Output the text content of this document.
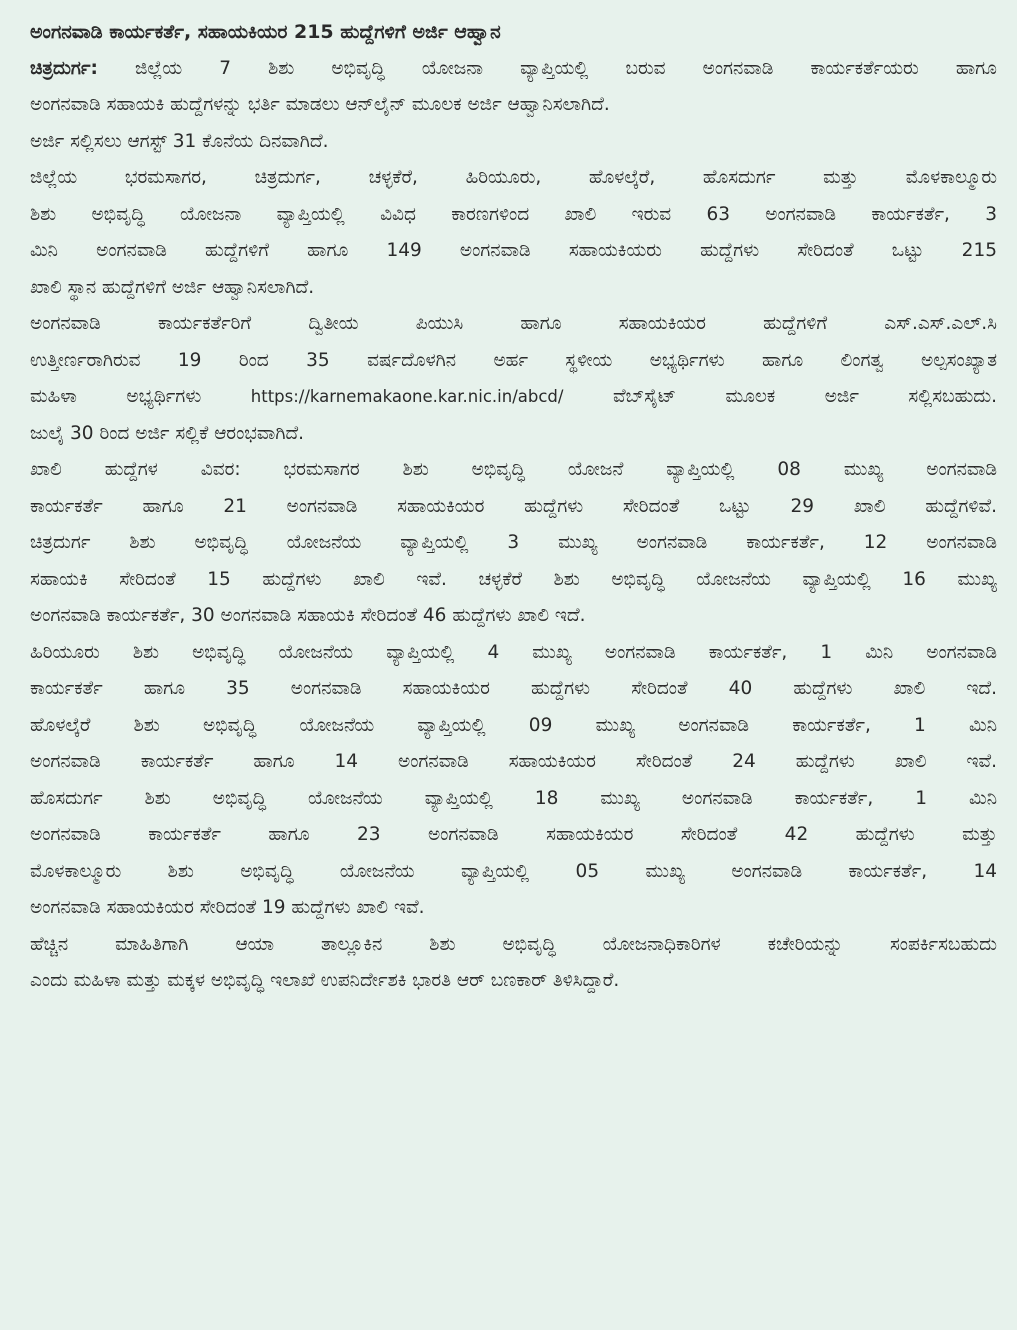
ಅಂಗನವಾಡಿ ಕಾರ್ಯಕರ್ತೆ, ಸಹಾಯಕಿಯರ 215 ಹುದ್ದೆಗಳಿಗೆ ಅರ್ಜಿ ಆಹ್ವಾನ
ಚಿತ್ರದುರ್ಗ: ಜಿಲ್ಲೆಯ 7 ಶಿಶು ಅಭಿವೃದ್ಧಿ ಯೋಜನಾ ವ್ಯಾಪ್ತಿಯಲ್ಲಿ ಬರುವ ಅಂಗನವಾಡಿ ಕಾರ್ಯಕರ್ತೆಯರು ಹಾಗೂ
ಅಂಗನವಾಡಿ ಸಹಾಯಕಿ ಹುದ್ದೆಗಳನ್ನು ಭರ್ತಿ ಮಾಡಲು ಆನ್‌ಲೈನ್ ಮೂಲಕ ಅರ್ಜಿ ಆಹ್ವಾನಿಸಲಾಗಿದೆ.
ಅರ್ಜಿ ಸಲ್ಲಿಸಲು ಆಗಸ್ಟ್ 31 ಕೊನೆಯ ದಿನವಾಗಿದೆ.
ಜಿಲ್ಲೆಯ ಭರಮಸಾಗರ, ಚಿತ್ರದುರ್ಗ, ಚಳ್ಳಕೆರೆ, ಹಿರಿಯೂರು, ಹೊಳಲ್ಕೆರೆ, ಹೊಸದುರ್ಗ ಮತ್ತು ಮೊಳಕಾಲ್ಮೂರು
ಶಿಶು ಅಭಿವೃದ್ಧಿ ಯೋಜನಾ ವ್ಯಾಪ್ತಿಯಲ್ಲಿ ವಿವಿಧ ಕಾರಣಗಳಿಂದ ಖಾಲಿ ಇರುವ 63 ಅಂಗನವಾಡಿ ಕಾರ್ಯಕರ್ತೆ, 3
ಮಿನಿ ಅಂಗನವಾಡಿ ಹುದ್ದೆಗಳಿಗೆ ಹಾಗೂ 149 ಅಂಗನವಾಡಿ ಸಹಾಯಕಿಯರು ಹುದ್ದೆಗಳು ಸೇರಿದಂತೆ ಒಟ್ಟು 215
ಖಾಲಿ ಸ್ಥಾನ ಹುದ್ದೆಗಳಿಗೆ ಅರ್ಜಿ ಆಹ್ವಾನಿಸಲಾಗಿದೆ.
ಅಂಗನವಾಡಿ ಕಾರ್ಯಕರ್ತೆರಿಗೆ ದ್ವಿತೀಯ ಪಿಯುಸಿ ಹಾಗೂ ಸಹಾಯಕಿಯರ ಹುದ್ದೆಗಳಿಗೆ ಎಸ್.ಎಸ್.ಎಲ್.ಸಿ
ಉತ್ತೀರ್ಣರಾಗಿರುವ 19 ರಿಂದ 35 ವರ್ಷದೊಳಗಿನ ಅರ್ಹ ಸ್ಥಳೀಯ ಅಭ್ಯರ್ಥಿಗಳು ಹಾಗೂ ಲಿಂಗತ್ವ ಅಲ್ಪಸಂಖ್ಯಾತ
ಮಹಿಳಾ ಅಭ್ಯರ್ಥಿಗಳು https://karnemakaone.kar.nic.in/abcd/ ವೆಬ್‌ಸೈಟ್ ಮೂಲಕ ಅರ್ಜಿ ಸಲ್ಲಿಸಬಹುದು.
ಜುಲೈ 30 ರಿಂದ ಅರ್ಜಿ ಸಲ್ಲಿಕೆ ಆರಂಭವಾಗಿದೆ.
ಖಾಲಿ ಹುದ್ದೆಗಳ ವಿವರ: ಭರಮಸಾಗರ ಶಿಶು ಅಭಿವೃದ್ಧಿ ಯೋಜನೆ ವ್ಯಾಪ್ತಿಯಲ್ಲಿ 08 ಮುಖ್ಯ ಅಂಗನವಾಡಿ
ಕಾರ್ಯಕರ್ತೆ ಹಾಗೂ 21 ಅಂಗನವಾಡಿ ಸಹಾಯಕಿಯರ ಹುದ್ದೆಗಳು ಸೇರಿದಂತೆ ಒಟ್ಟು 29 ಖಾಲಿ ಹುದ್ದೆಗಳಿವೆ.
ಚಿತ್ರದುರ್ಗ ಶಿಶು ಅಭಿವೃದ್ಧಿ ಯೋಜನೆಯ ವ್ಯಾಪ್ತಿಯಲ್ಲಿ 3 ಮುಖ್ಯ ಅಂಗನವಾಡಿ ಕಾರ್ಯಕರ್ತೆ, 12 ಅಂಗನವಾಡಿ
ಸಹಾಯಕಿ ಸೇರಿದಂತೆ 15 ಹುದ್ದೆಗಳು ಖಾಲಿ ಇವೆ. ಚಳ್ಳಕೆರೆ ಶಿಶು ಅಭಿವೃದ್ಧಿ ಯೋಜನೆಯ ವ್ಯಾಪ್ತಿಯಲ್ಲಿ 16 ಮುಖ್ಯ
ಅಂಗನವಾಡಿ ಕಾರ್ಯಕರ್ತೆ, 30 ಅಂಗನವಾಡಿ ಸಹಾಯಕಿ ಸೇರಿದಂತೆ 46 ಹುದ್ದೆಗಳು ಖಾಲಿ ಇದೆ.
ಹಿರಿಯೂರು ಶಿಶು ಅಭಿವೃದ್ಧಿ ಯೋಜನೆಯ ವ್ಯಾಪ್ತಿಯಲ್ಲಿ 4 ಮುಖ್ಯ ಅಂಗನವಾಡಿ ಕಾರ್ಯಕರ್ತೆ, 1 ಮಿನಿ ಅಂಗನವಾಡಿ
ಕಾರ್ಯಕರ್ತೆ ಹಾಗೂ 35 ಅಂಗನವಾಡಿ ಸಹಾಯಕಿಯರ ಹುದ್ದೆಗಳು ಸೇರಿದಂತೆ 40 ಹುದ್ದೆಗಳು ಖಾಲಿ ಇದೆ.
ಹೊಳಲ್ಕೆರೆ ಶಿಶು ಅಭಿವೃದ್ಧಿ ಯೋಜನೆಯ ವ್ಯಾಪ್ತಿಯಲ್ಲಿ 09 ಮುಖ್ಯ ಅಂಗನವಾಡಿ ಕಾರ್ಯಕರ್ತೆ, 1 ಮಿನಿ
ಅಂಗನವಾಡಿ ಕಾರ್ಯಕರ್ತೆ ಹಾಗೂ 14 ಅಂಗನವಾಡಿ ಸಹಾಯಕಿಯರ ಸೇರಿದಂತೆ 24 ಹುದ್ದೆಗಳು ಖಾಲಿ ಇವೆ.
ಹೊಸದುರ್ಗ ಶಿಶು ಅಭಿವೃದ್ಧಿ ಯೋಜನೆಯ ವ್ಯಾಪ್ತಿಯಲ್ಲಿ 18 ಮುಖ್ಯ ಅಂಗನವಾಡಿ ಕಾರ್ಯಕರ್ತೆ, 1 ಮಿನಿ
ಅಂಗನವಾಡಿ ಕಾರ್ಯಕರ್ತೆ ಹಾಗೂ 23 ಅಂಗನವಾಡಿ ಸಹಾಯಕಿಯರ ಸೇರಿದಂತೆ 42 ಹುದ್ದೆಗಳು ಮತ್ತು
ಮೊಳಕಾಲ್ಮೂರು ಶಿಶು ಅಭಿವೃದ್ಧಿ ಯೋಜನೆಯ ವ್ಯಾಪ್ತಿಯಲ್ಲಿ 05 ಮುಖ್ಯ ಅಂಗನವಾಡಿ ಕಾರ್ಯಕರ್ತೆ, 14
ಅಂಗನವಾಡಿ ಸಹಾಯಕಿಯರ ಸೇರಿದಂತೆ 19 ಹುದ್ದೆಗಳು ಖಾಲಿ ಇವೆ.
ಹೆಚ್ಚಿನ ಮಾಹಿತಿಗಾಗಿ ಆಯಾ ತಾಲ್ಲೂಕಿನ ಶಿಶು ಅಭಿವೃದ್ಧಿ ಯೋಜನಾಧಿಕಾರಿಗಳ ಕಚೇರಿಯನ್ನು ಸಂಪರ್ಕಿಸಬಹುದು
ಎಂದು ಮಹಿಳಾ ಮತ್ತು ಮಕ್ಕಳ ಅಭಿವೃದ್ಧಿ ಇಲಾಖೆ ಉಪನಿರ್ದೇಶಕಿ ಭಾರತಿ ಆರ್ ಬಣಕಾರ್ ತಿಳಿಸಿದ್ದಾರೆ.
